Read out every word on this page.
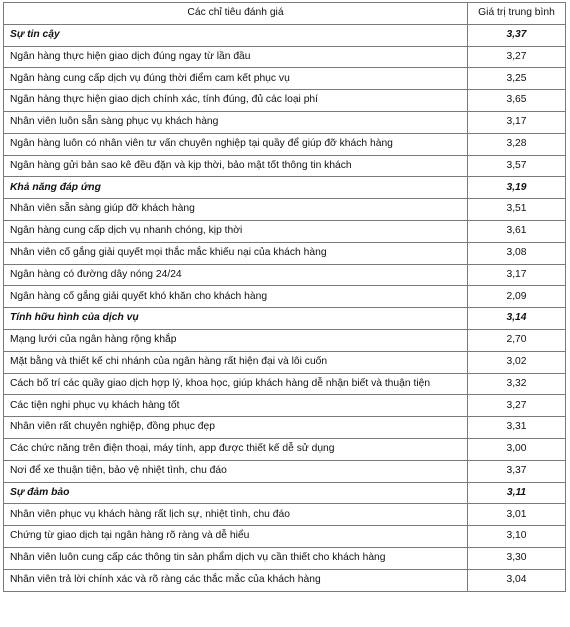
Các chỉ tiêu đánh giá	Giá trị trung bình
Sự tin cậy	3,37
Ngân hàng thực hiện giao dịch đúng ngay từ lần đầu	3,27
Ngân hàng cung cấp dịch vụ đúng thời điểm cam kết phục vụ	3,25
Ngân hàng thực hiện giao dịch chính xác, tính đúng, đủ các loại phí	3,65
Nhân viên luôn sẵn sàng phục vụ khách hàng	3,17
Ngân hàng luôn có nhân viên tư vấn chuyên nghiệp tại quầy để giúp đỡ khách hàng	3,28
Ngân hàng gửi bản sao kê đều đặn và kịp thời, bảo mật tốt thông tin khách	3,57
Khả năng đáp ứng	3,19
Nhân viên sẵn sàng giúp đỡ khách hàng	3,51
Ngân hàng cung cấp dịch vụ nhanh chóng, kịp thời	3,61
Nhân viên cố gắng giải quyết mọi thắc mắc khiếu nại của khách hàng	3,08
Ngân hàng có đường dây nóng 24/24	3,17
Ngân hàng cố gắng giải quyết khó khăn cho khách hàng	2,09
Tính hữu hình của dịch vụ	3,14
Mạng lưới của ngân hàng rộng khắp	2,70
Mặt bằng và thiết kế chi nhánh của ngân hàng rất hiện đại và lôi cuốn	3,02
Cách bố trí các quầy giao dịch hợp lý, khoa học, giúp khách hàng dễ nhận biết và thuận tiện	3,32
Các tiện nghi phục vụ khách hàng tốt	3,27
Nhân viên rất chuyên nghiệp, đồng phục đẹp	3,31
Các chức năng trên điện thoại, máy tính, app được thiết kế dễ sử dụng	3,00
Nơi để xe thuận tiện, bảo vệ nhiệt tình, chu đáo	3,37
Sự đảm bảo	3,11
Nhân viên phục vụ khách hàng rất lịch sự, nhiệt tình, chu đáo	3,01
Chứng từ giao dịch tại ngân hàng rõ ràng và dễ hiểu	3,10
Nhân viên luôn cung cấp các thông tin sản phẩm dịch vụ cần thiết cho khách hàng	3,30
Nhân viên trả lời chính xác và rõ ràng các thắc mắc của khách hàng	3,04
